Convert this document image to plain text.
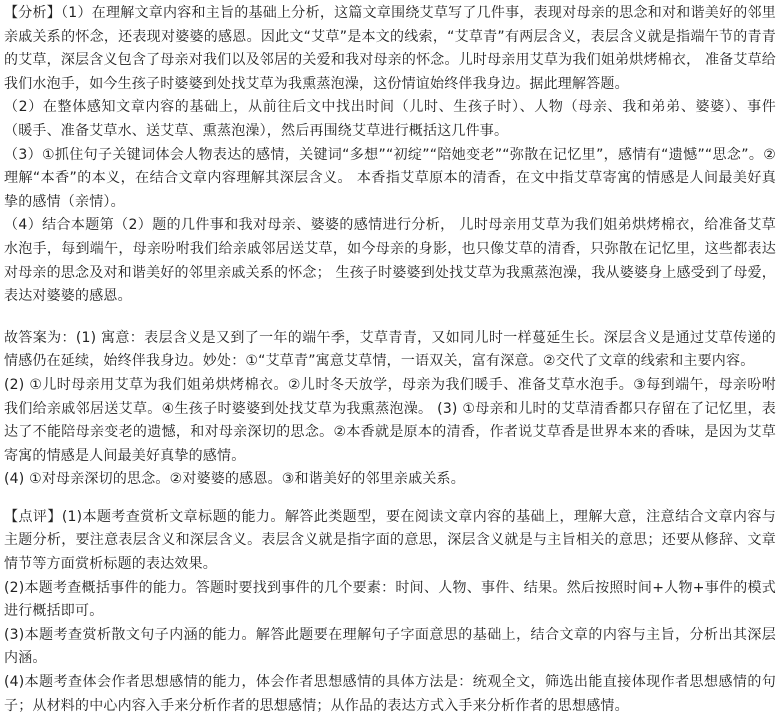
【分析】（1）在理解文章内容和主旨的基础上分析，这篇文章围绕艾草写了几件事，表现对母亲的思念和对和谐美好的邻里亲戚关系的怀念，还表现对婆婆的感恩。因此文“艾草”是本文的线索，“艾草青”有两层含义，表层含义就是指端午节的青青的艾草，深层含义包含了母亲对我们以及邻居的关爱和我对母亲的怀念。儿时母亲用艾草为我们姐弟烘烤棉衣， 准备艾草给我们水泡手，如今生孩子时婆婆到处找艾草为我熏蒸泡澡，这份情谊始终伴我身边。据此理解答题。

（2）在整体感知文章内容的基础上，从前往后文中找出时间（儿时、生孩子时）、人物（母亲、我和弟弟、婆婆）、事件（暖手、准备艾草水、送艾草、熏蒸泡澡），然后再围绕艾草进行概括这几件事。

（3）①抓住句子关键词体会人物表达的感情，关键词“多想”“初绽”“陪她变老”“弥散在记忆里”，感情有“遗憾”“思念”。②理解“本香”的本义，在结合文章内容理解其深层含义。 本香指艾草原本的清香，在文中指艾草寄寓的情感是人间最美好真挚的感情（亲情）。

（4）结合本题第（2）题的几件事和我对母亲、婆婆的感情进行分析， 儿时母亲用艾草为我们姐弟烘烤棉衣，给准备艾草水泡手，每到端午，母亲吩咐我们给亲戚邻居送艾草，如今母亲的身影，也只像艾草的清香，只弥散在记忆里，这些都表达对母亲的思念及对和谐美好的邻里亲戚关系的怀念； 生孩子时婆婆到处找艾草为我熏蒸泡澡，我从婆婆身上感受到了母爱，表达对婆婆的感恩。

故答案为：(1) 寓意：表层含义是又到了一年的端午季，艾草青青，又如同儿时一样蔓延生长。深层含义是通过艾草传递的情感仍在延续，始终伴我身边。妙处：①“艾草青”寓意艾草情，一语双关，富有深意。②交代了文章的线索和主要内容。

(2) ①儿时母亲用艾草为我们姐弟烘烤棉衣。②儿时冬天放学，母亲为我们暖手、准备艾草水泡手。③每到端午，母亲吩咐我们给亲戚邻居送艾草。④生孩子时婆婆到处找艾草为我熏蒸泡澡。 (3) ①母亲和儿时的艾草清香都只存留在了记忆里，表达了不能陪母亲变老的遗憾，和对母亲深切的思念。②本香就是原本的清香，作者说艾草香是世界本来的香味，是因为艾草寄寓的情感是人间最美好真挚的感情。

(4) ①对母亲深切的思念。②对婆婆的感恩。③和谐美好的邻里亲戚关系。

【点评】(1)本题考查赏析文章标题的能力。解答此类题型，要在阅读文章内容的基础上，理解大意，注意结合文章内容与主题分析，要注意表层含义和深层含义。表层含义就是指字面的意思，深层含义就是与主旨相关的意思；还要从修辞、文章情节等方面赏析标题的表达效果。

(2)本题考查概括事件的能力。答题时要找到事件的几个要素：时间、人物、事件、结果。然后按照时间+人物+事件的模式进行概括即可。

(3)本题考查赏析散文句子内涵的能力。解答此题要在理解句子字面意思的基础上，结合文章的内容与主旨，分析出其深层内涵。

(4)本题考查体会作者思想感情的能力，体会作者思想感情的具体方法是：统观全文，筛选出能直接体现作者思想感情的句子；从材料的中心内容入手来分析作者的思想感情；从作品的表达方式入手来分析作者的思想感情。
